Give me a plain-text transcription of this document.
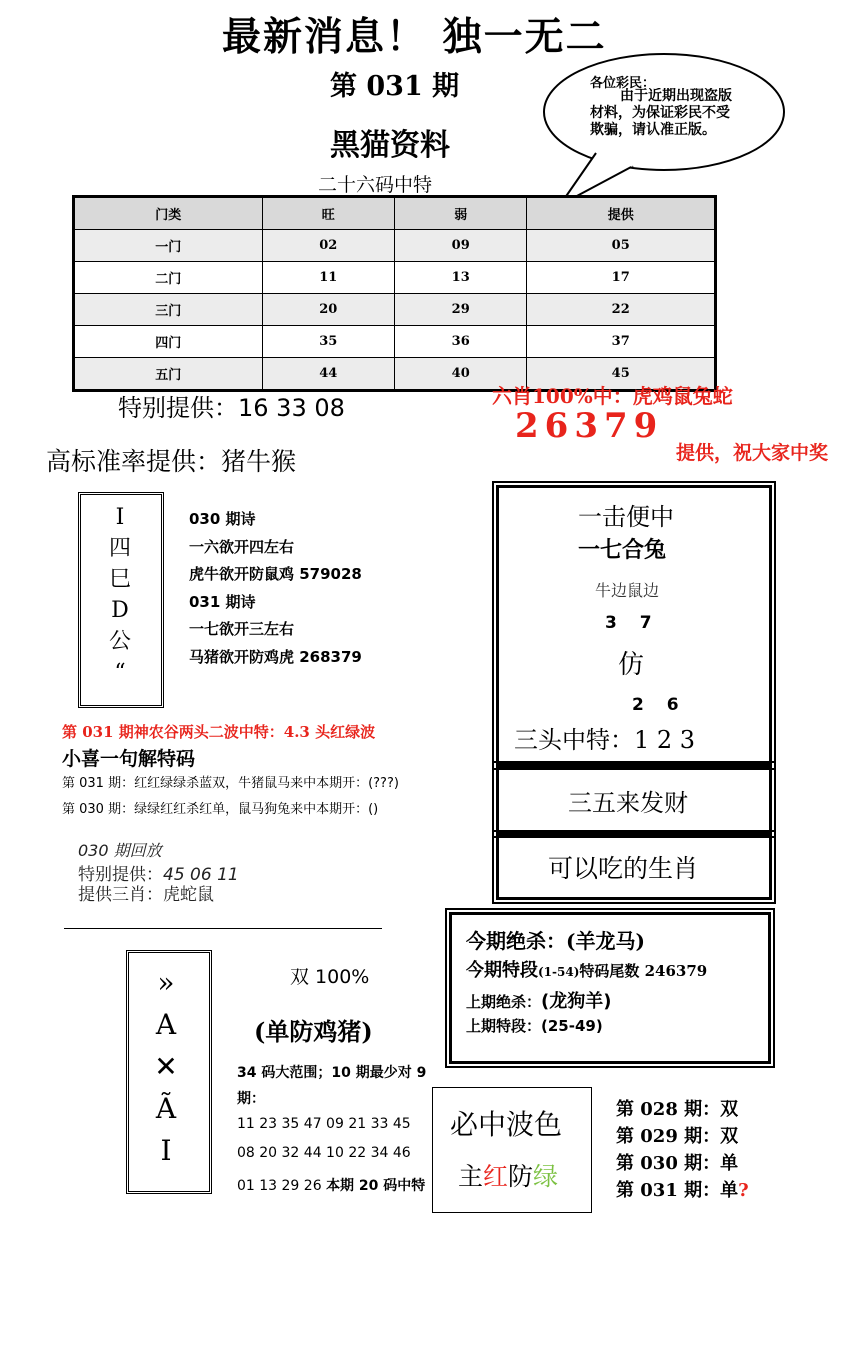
最新消息！ 独一无二
第 031 期
黑猫资料
二十六码中特
各位彩民：
由于近期出现盗版材料，为保证彩民不受欺骗，请认准正版。
门类	旺	弱	提供
一门	02	09	05
二门	11	13	17
三门	20	29	22
四门	35	36	37
五门	44	40	45
特别提供：16 33 08	六肖100%中：虎鸡鼠兔蛇
26379
提供，祝大家中奖
高标准率提供：猪牛猴
I
四
巳
D
公
“
030 期诗
一六欲开四左右
虎牛欲开防鼠鸡 579028
031 期诗
一七欲开三左右
马猪欲开防鸡虎 268379
一击便中
一七合兔
牛边鼠边
3　 7
仿
2　 6
三头中特：1 2 3
三五来发财
可以吃的生肖
第 031 期神农谷两头二波中特：4.3 头红绿波
小喜一句解特码
第 031 期：红红绿绿杀蓝双，牛猪鼠马来中本期开：(???)
第 030 期：绿绿红红杀红单，鼠马狗兔来中本期开：()
030 期回放
特别提供：45 06 11
提供三肖：虎蛇鼠
今期绝杀：(羊龙马)
今期特段(1-54)特码尾数 246379
上期绝杀：(龙狗羊)
上期特段：(25-49)
»
A
✕
Ã
I
双 100%
(单防鸡猪)
34 码大范围；10 期最少对 9 期：
11 23 35 47 09 21 33 45
08 20 32 44 10 22 34 46
01 13 29 26 本期 20 码中特
必中波色
主红防绿
第 028 期：双
第 029 期：双
第 030 期：单
第 031 期：单?
